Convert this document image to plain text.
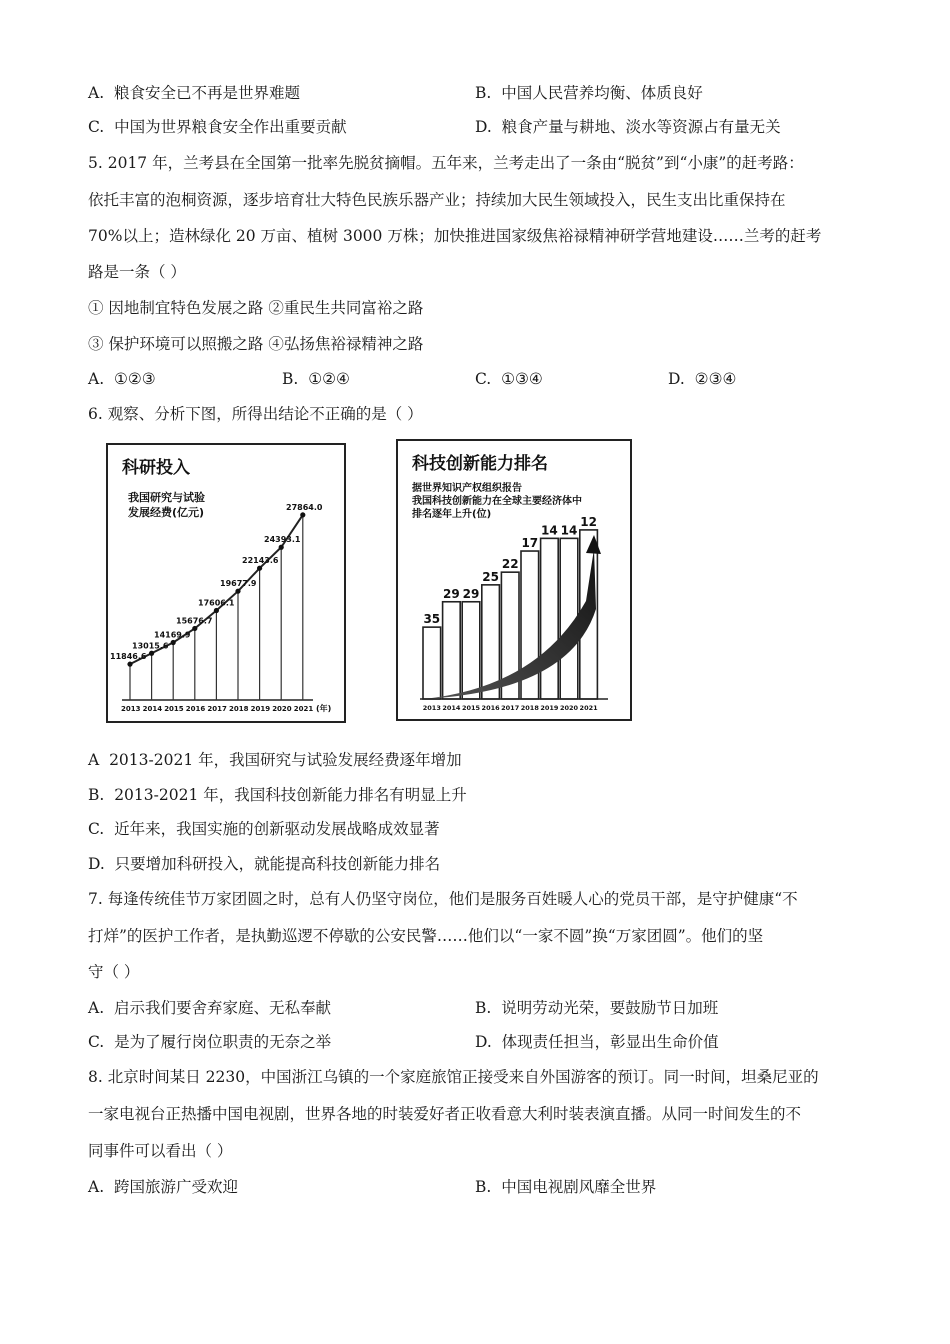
A. 粮食安全已不再是世界难题	B. 中国人民营养均衡、体质良好
C. 中国为世界粮食安全作出重要贡献	D. 粮食产量与耕地、淡水等资源占有量无关
5. 2017 年，兰考县在全国第一批率先脱贫摘帽。五年来，兰考走出了一条由“脱贫”到“小康”的赶考路：
依托丰富的泡桐资源，逐步培育壮大特色民族乐器产业；持续加大民生领域投入，民生支出比重保持在
70%以上；造林绿化 20 万亩、植树 3000 万株；加快推进国家级焦裕禄精神研学营地建设……兰考的赶考
路是一条（ ）
① 因地制宜特色发展之路 ②重民生共同富裕之路
③ 保护环境可以照搬之路 ④弘扬焦裕禄精神之路
A. ①②③	B. ①②④	C. ①③④	D. ②③④
6. 观察、分析下图，所得出结论不正确的是（ ）
科研投入
我国研究与试验
发展经费(亿元)
11846.6
13015.6
14169.9
15676.7
17606.1
19677.9
22143.6
24393.1
27864.0
2013 2014 2015 2016 2017 2018 2019 2020 2021 (年)
科技创新能力排名
据世界知识产权组织报告
我国科技创新能力在全球主要经济体中
排名逐年上升(位)
35
29 29
25
22
17
14 14
12
2013 2014 2015 2016 2017 2018 2019 2020 2021
A 2013-2021 年，我国研究与试验发展经费逐年增加
B. 2013-2021 年，我国科技创新能力排名有明显上升
C. 近年来，我国实施的创新驱动发展战略成效显著
D. 只要增加科研投入，就能提高科技创新能力排名
7. 每逢传统佳节万家团圆之时，总有人仍坚守岗位，他们是服务百姓暖人心的党员干部，是守护健康“不
打烊”的医护工作者，是执勤巡逻不停歇的公安民警……他们以“一家不圆”换“万家团圆”。他们的坚
守（ ）
A. 启示我们要舍弃家庭、无私奉献	B. 说明劳动光荣，要鼓励节日加班
C. 是为了履行岗位职责的无奈之举	D. 体现责任担当，彰显出生命价值
8. 北京时间某日 2230，中国浙江乌镇的一个家庭旅馆正接受来自外国游客的预订。同一时间，坦桑尼亚的
一家电视台正热播中国电视剧，世界各地的时装爱好者正收看意大利时装表演直播。从同一时间发生的不
同事件可以看出（ ）
A. 跨国旅游广受欢迎	B. 中国电视剧风靡全世界
